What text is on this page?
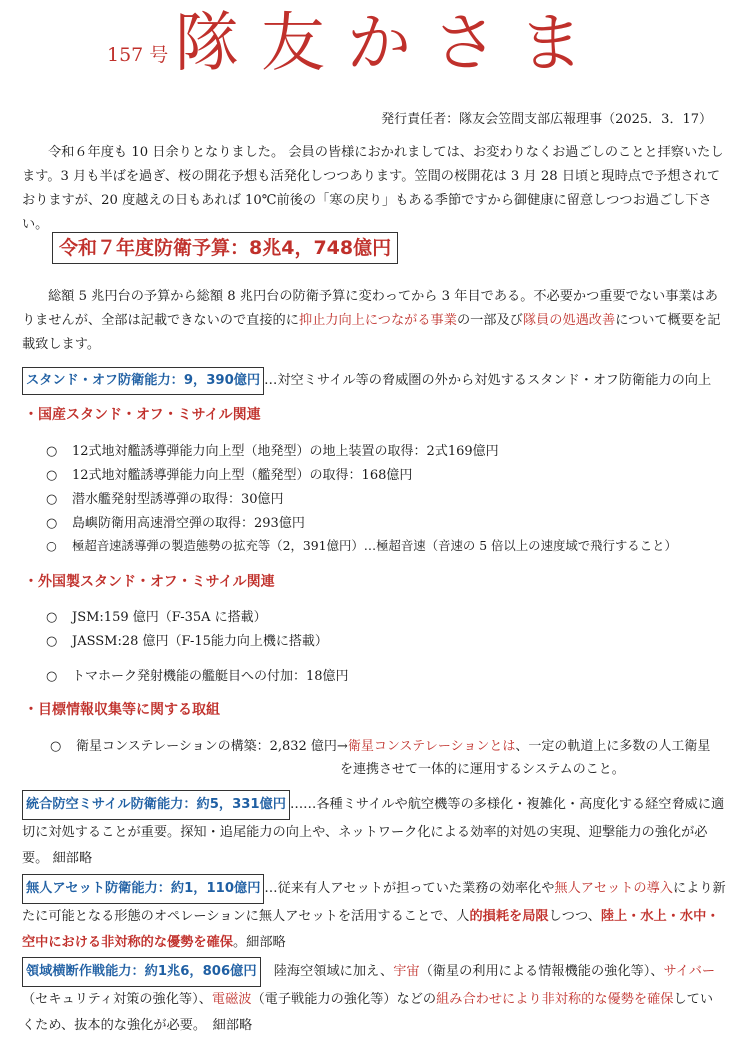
157 号 隊友かさま
発行責任者：隊友会笠間支部広報理事（2025．3．17）

令和６年度も 10 日余りとなりました。 会員の皆様におかれましては、お変わりなくお過ごしのことと拝察いたします。3 月も半ばを過ぎ、桜の開花予想も活発化しつつあります。笠間の桜開花は 3 月 28 日頃と現時点で予想されておりますが、20 度越えの日もあれば 10℃前後の「寒の戻り」もある季節ですから御健康に留意しつつお過ごし下さい。

令和７年度防衛予算：8兆4，748億円

総額 5 兆円台の予算から総額 8 兆円台の防衛予算に変わってから 3 年目である。不必要かつ重要でない事業はありませんが、全部は記載できないので直接的に抑止力向上につながる事業の一部及び隊員の処遇改善について概要を記載致します。

スタンド・オフ防衛能力：9，390億円 …対空ミサイル等の脅威圏の外から対処するスタンド・オフ防衛能力の向上
・国産スタンド・オフ・ミサイル関連
○ 12式地対艦誘導弾能力向上型（地発型）の地上装置の取得：2式169億円
○ 12式地対艦誘導弾能力向上型（艦発型）の取得：168億円
○ 潜水艦発射型誘導弾の取得：30億円
○ 島嶼防衛用高速滑空弾の取得：293億円
○ 極超音速誘導弾の製造態勢の拡充等（2，391億円）…極超音速（音速の 5 倍以上の速度域で飛行すること）
・外国製スタンド・オフ・ミサイル関連
○ JSM:159 億円（F-35A に搭載）
○ JASSM:28 億円（F-15能力向上機に搭載）
○ トマホーク発射機能の艦艇目への付加：18億円
・目標情報収集等に関する取組
○ 衛星コンステレーションの構築：2,832 億円→衛星コンステレーションとは、一定の軌道上に多数の人工衛星
を連携させて一体的に運用するシステムのこと。

統合防空ミサイル防衛能力：約5，331億円 ……各種ミサイルや航空機等の多様化・複雑化・高度化する経空脅威に適切に対処することが重要。探知・追尾能力の向上や、ネットワーク化による効率的対処の実現、迎撃能力の強化が必要。 細部略

無人アセット防衛能力：約1，110億円 …従来有人アセットが担っていた業務の効率化や無人アセットの導入により新たに可能となる形態のオペレーションに無人アセットを活用することで、人的損耗を局限しつつ、陸上・水上・水中・空中における非対称的な優勢を確保。細部略

領域横断作戦能力：約1兆6，806億円　陸海空領域に加え、宇宙（衛星の利用による情報機能の強化等）、サイバー（セキュリティ対策の強化等）、電磁波（電子戦能力の強化等）などの組み合わせにより非対称的な優勢を確保していくため、抜本的な強化が必要。　細部略
